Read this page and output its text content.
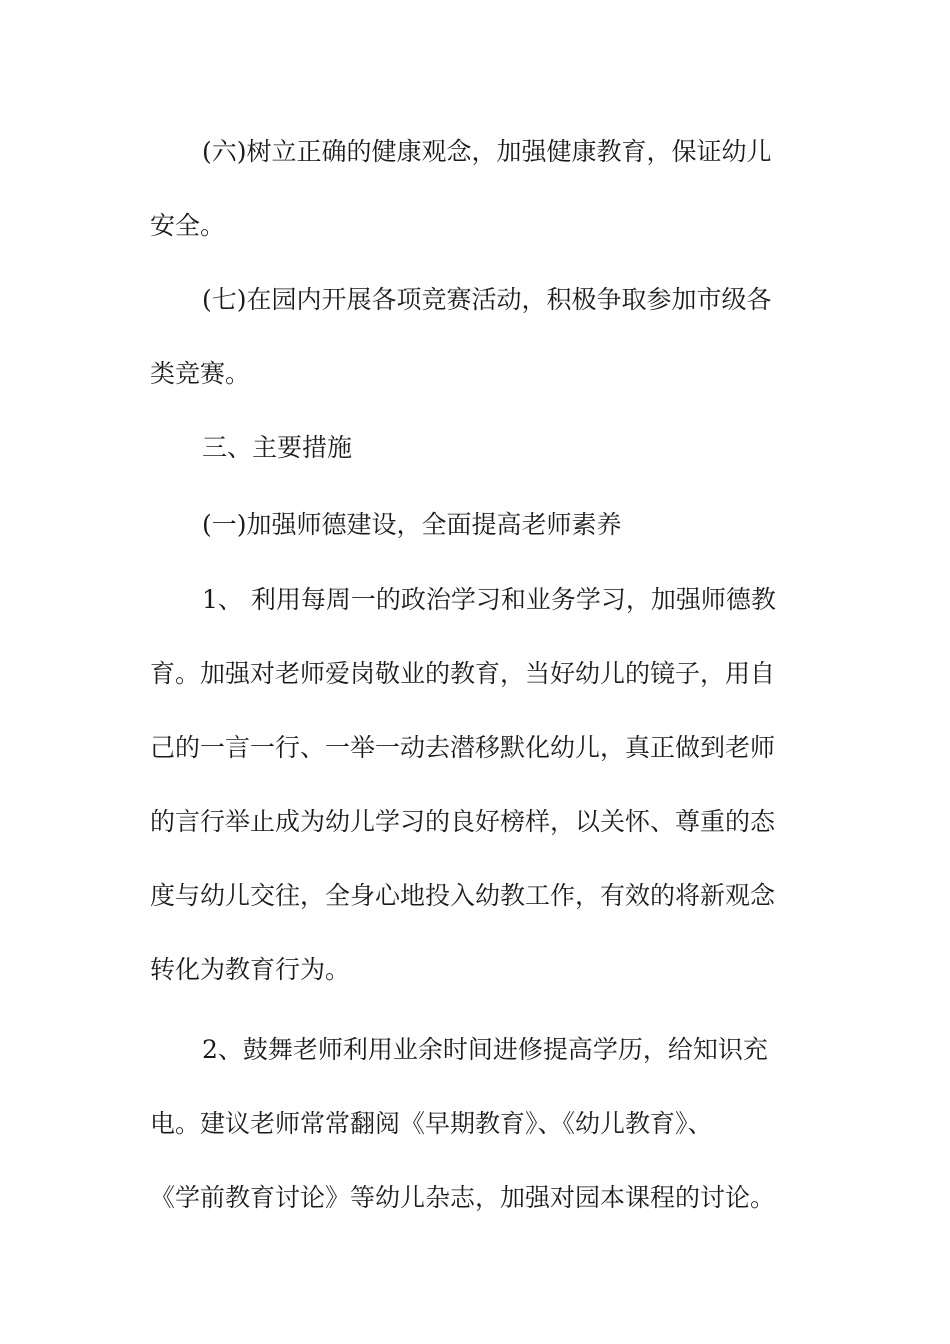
(六)树立正确的健康观念，加强健康教育，保证幼儿
安全。
(七)在园内开展各项竞赛活动，积极争取参加市级各
类竞赛。
三、主要措施
(一)加强师德建设，全面提高老师素养
1、 利用每周一的政治学习和业务学习，加强师德教
育。加强对老师爱岗敬业的教育，当好幼儿的镜子，用自
己的一言一行、一举一动去潜移默化幼儿，真正做到老师
的言行举止成为幼儿学习的良好榜样，以关怀、尊重的态
度与幼儿交往，全身心地投入幼教工作，有效的将新观念
转化为教育行为。
2、鼓舞老师利用业余时间进修提高学历，给知识充
电。建议老师常常翻阅《早期教育》、《幼儿教育》、
《学前教育讨论》等幼儿杂志，加强对园本课程的讨论。
